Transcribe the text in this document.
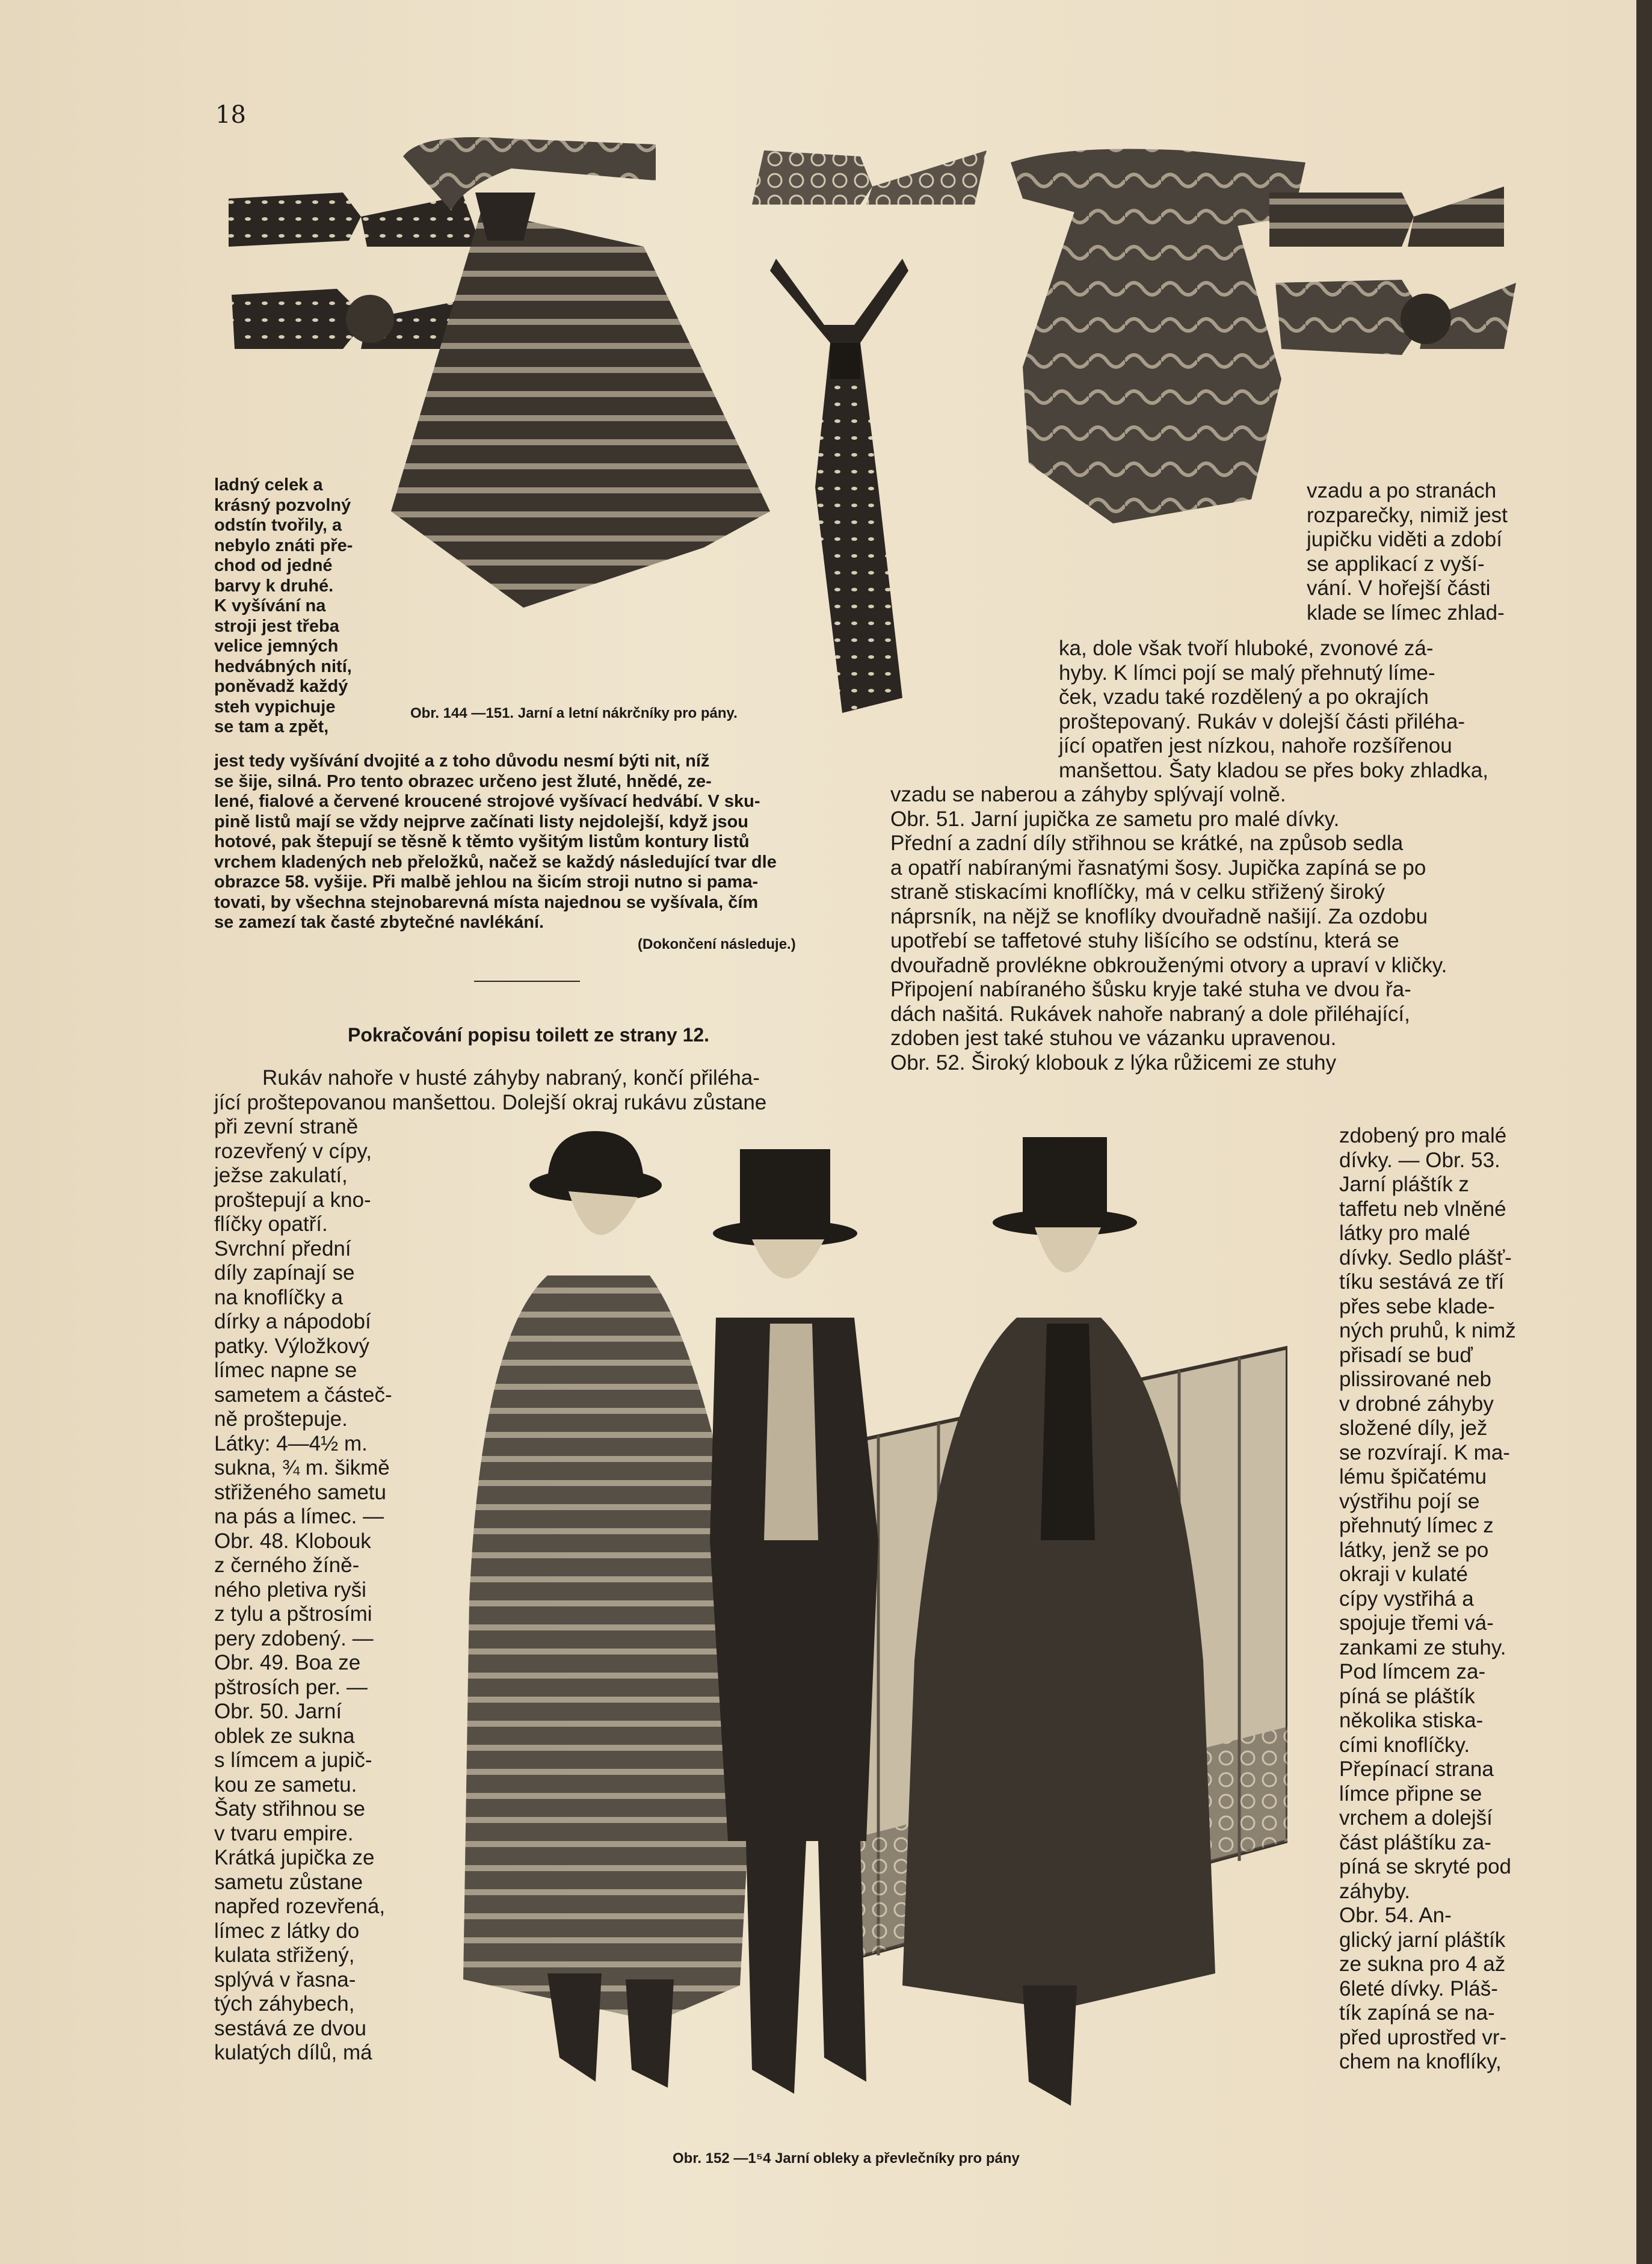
18
Obr. 144 —151. Jarní a letní nákrčníky pro pány.
ladný celek a
krásný pozvolný
odstín tvořily, a
nebylo znáti pře-
chod od jedné
barvy k druhé.
K vyšívání na
stroji jest třeba
velice jemných
hedvábných nití,
poněvadž každý
steh vypichuje
se tam a zpět,
jest tedy vyšívání dvojité a z toho důvodu nesmí býti nit, níž
se šije, silná. Pro tento obrazec určeno jest žluté, hnědé, ze-
lené, fialové a červené kroucené strojové vyšívací hedvábí. V sku-
pině listů mají se vždy nejprve začínati listy nejdolejší, když jsou
hotové, pak štepují se těsně k těmto vyšitým listům kontury listů
vrchem kladených neb přeložků, načež se každý následující tvar dle
obrazce 58. vyšije. Při malbě jehlou na šicím stroji nutno si pama-
tovati, by všechna stejnobarevná místa najednou se vyšívala, čím
se zamezí tak časté zbytečné navlékání.
(Dokončení následuje.)
Pokračování popisu toilett ze strany 12.
Rukáv nahoře v husté záhyby nabraný, končí přiléha-
jící proštepovanou manšettou. Dolejší okraj rukávu zůstane
při zevní straně
rozevřený v cípy,
ježse zakulatí,
proštepují a kno-
flíčky opatří.
Svrchní přední
díly zapínají se
na knoflíčky a
dírky a nápodobí
patky. Výložkový
límec napne se
sametem a částeč-
ně proštepuje.
Látky: 4—4½ m.
sukna, ¾ m. šikmě
střiženého sametu
na pás a límec. —
Obr. 48. Klobouk
z černého žíně-
ného pletiva ryši
z tylu a pštrosími
pery zdobený. —
Obr. 49. Boa ze
pštrosích per. —
Obr. 50. Jarní
oblek ze sukna
s límcem a jupič-
kou ze sametu.
Šaty střihnou se
v tvaru empire.
Krátká jupička ze
sametu zůstane
napřed rozevřená,
límec z látky do
kulata střižený,
splývá v řasna-
tých záhybech,
sestává ze dvou
kulatých dílů, má
Obr. 152 —1⁵4 Jarní obleky a převlečníky pro pány
vzadu a po stranách
rozparečky, nimiž jest
jupičku viděti a zdobí
se applikací z vyší-
vání. V hořejší části
klade se límec zhlad-
ka, dole však tvoří hluboké, zvonové zá-
hyby. K límci pojí se malý přehnutý líme-
ček, vzadu také rozdělený a po okrajích
proštepovaný. Rukáv v dolejší části přiléha-
jící opatřen jest nízkou, nahoře rozšířenou
manšettou. Šaty kladou se přes boky zhladka,
vzadu se naberou a záhyby splývají volně.
Obr. 51. Jarní jupička ze sametu pro malé dívky.
Přední a zadní díly střihnou se krátké, na způsob sedla
a opatří nabíranými řasnatými šosy. Jupička zapíná se po
straně stiskacími knoflíčky, má v celku střižený široký
náprsník, na nějž se knoflíky dvouřadně našijí. Za ozdobu
upotřebí se taffetové stuhy lišícího se odstínu, která se
dvouřadně provlékne obkrouženými otvory a upraví v kličky.
Připojení nabíraného šůsku kryje také stuha ve dvou řa-
dách našitá. Rukávek nahoře nabraný a dole přiléhající,
zdoben jest také stuhou ve vázanku upravenou.
Obr. 52. Široký klobouk z lýka růžicemi ze stuhy
zdobený pro malé
dívky. — Obr. 53.
Jarní pláštík z
taffetu neb vlněné
látky pro malé
dívky. Sedlo plášť-
tíku sestává ze tří
přes sebe klade-
ných pruhů, k nimž
přisadí se buď
plissirované neb
v drobné záhyby
složené díly, jež
se rozvírají. K ma-
lému špičatému
výstřihu pojí se
přehnutý límec z
látky, jenž se po
okraji v kulaté
cípy vystřihá a
spojuje třemi vá-
zankami ze stuhy.
Pod límcem za-
píná se pláštík
několika stiska-
cími knoflíčky.
Přepínací strana
límce připne se
vrchem a dolejší
část pláštíku za-
píná se skryté pod
záhyby.
Obr. 54. An-
glický jarní pláštík
ze sukna pro 4 až
6leté dívky. Pláš-
tík zapíná se na-
před uprostřed vr-
chem na knoflíky,
